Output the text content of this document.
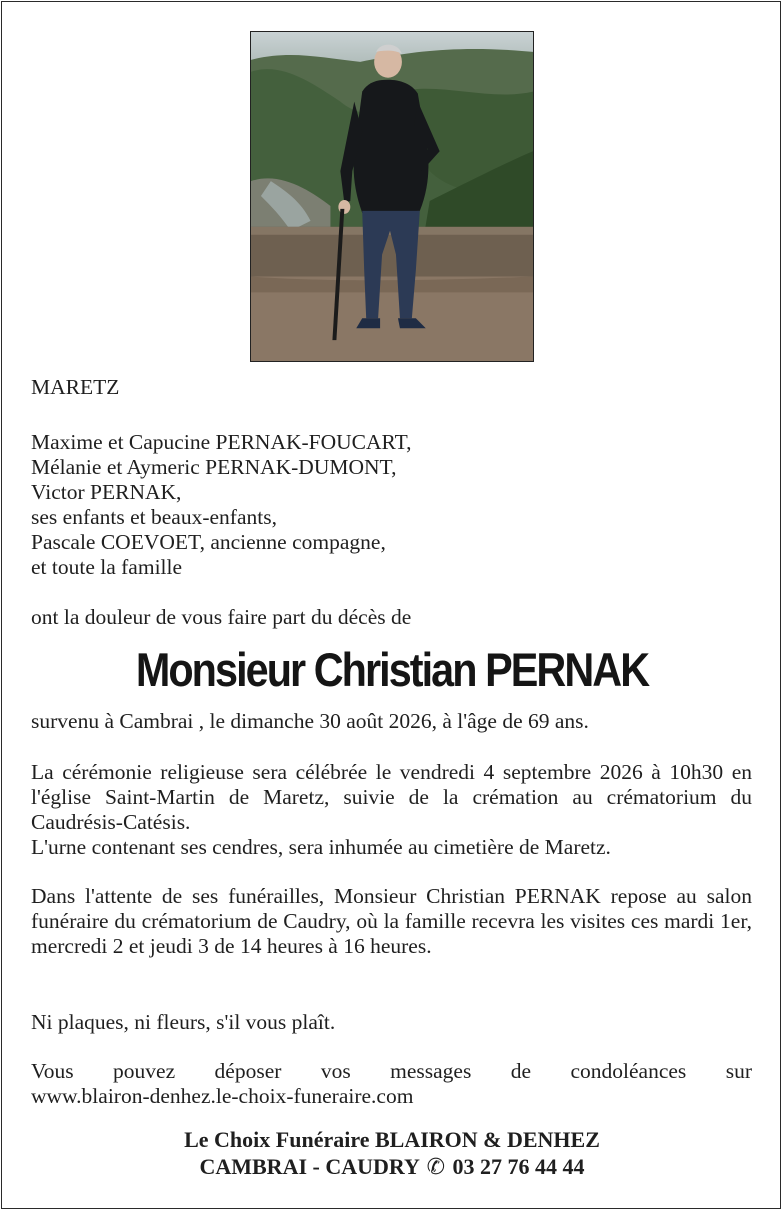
MARETZ

Maxime et Capucine PERNAK-FOUCART,

Mélanie et Aymeric PERNAK-DUMONT,

Victor PERNAK,

ses enfants et beaux-enfants,

Pascale COEVOET, ancienne compagne,

et toute la famille

ont la douleur de vous faire part du décès de

Monsieur Christian PERNAK

survenu à Cambrai , le dimanche 30 août 2026, à l'âge de 69 ans.

La cérémonie religieuse sera célébrée le vendredi 4 septembre 2026 à 10h30 en l'église Saint-Martin de Maretz, suivie de la crémation au crématorium du Caudrésis-Catésis.

L'urne contenant ses cendres, sera inhumée au cimetière de Maretz.

Dans l'attente de ses funérailles, Monsieur Christian PERNAK repose au salon funéraire du crématorium de Caudry, où la famille recevra les visites ces mardi 1er, mercredi 2 et jeudi 3 de 14 heures à 16 heures.

Ni plaques, ni fleurs, s'il vous plaît.

Vous pouvez déposer vos messages de condoléances sur

www.blairon-denhez.le-choix-funeraire.com

Le Choix Funéraire BLAIRON & DENHEZ
CAMBRAI - CAUDRY ✆ 03 27 76 44 44
